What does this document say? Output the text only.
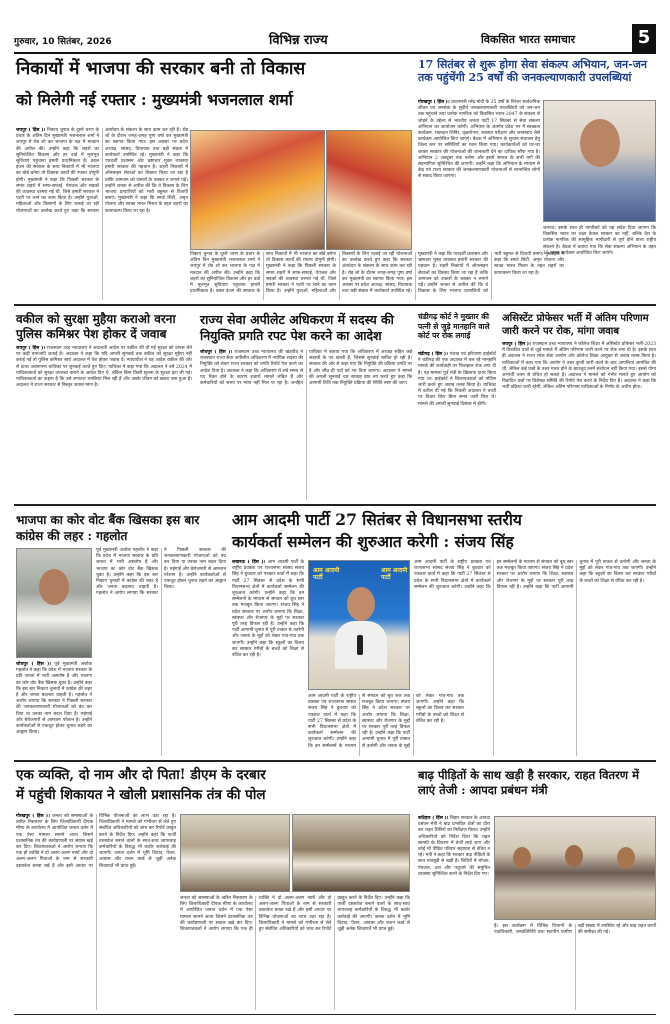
गुरुवार, 10 सितंबर, 2026	विभिन्न राज्य	विकसित भारत समाचार	5
निकायों में भाजपा की सरकार बनी तो विकास
को मिलेगी नई रफ्तार : मुख्यमंत्री भजनलाल शर्मा
जयपुर ( हिंस )। निकाय चुनाव के दूसरे चरण के प्रचार के अंतिम दिन मुख्यमंत्री भजनलाल शर्मा ने जयपुर में रोड शो कर भाजपा के पक्ष में मतदान की अपील की। उन्होंने कहा कि शहरों का सुनियोजित विकास और हर वार्ड में मूलभूत सुविधाएं पहुंचाना हमारी प्राथमिकता है। डबल इंजन की सरकार के साथ निकायों में भी भाजपा का बोर्ड बनेगा तो विकास कार्यों की रफ्तार दोगुनी होगी। मुख्यमंत्री ने कहा कि पिछली सरकार के समय शहरों में साफ-सफाई, पेयजल और सड़कों की व्यवस्था चरमरा गई थी, जिसे हमारी सरकार ने पटरी पर लाने का काम किया है। उन्होंने युवाओं, महिलाओं और किसानों के लिए चलाई जा रही योजनाओं का उल्लेख करते हुए कहा कि सरकार अंत्योदय के संकल्प के साथ काम कर रही है। रोड शो के दौरान जगह-जगह पुष्प वर्षा कर मुख्यमंत्री का स्वागत किया गया। इस अवसर पर प्रदेश अध्यक्ष, सांसद, विधायक तथा बड़ी संख्या में कार्यकर्ता उपस्थित रहे। मुख्यमंत्री ने कहा कि पारदर्शी प्रशासन और भ्रष्टाचार मुक्त व्यवस्था हमारी सरकार की पहचान है। शहरी निकायों में ऑनलाइन सेवाओं का विस्तार किया जा रहा है ताकि आमजन को दफ्तरों के चक्कर न लगाने पड़ें। उन्होंने जनता से अपील की कि वे विकास के लिए भाजपा प्रत्याशियों को भारी बहुमत से विजयी बनाएं। मुख्यमंत्री ने कहा कि स्मार्ट सिटी, अमृत योजना और स्वच्छ भारत मिशन के तहत शहरों का कायाकल्प किया जा रहा है।
निकाय चुनाव के दूसरे चरण के प्रचार के अंतिम दिन मुख्यमंत्री भजनलाल शर्मा ने जयपुर में रोड शो कर भाजपा के पक्ष में मतदान की अपील की। उन्होंने कहा कि शहरों का सुनियोजित विकास और हर वार्ड में मूलभूत सुविधाएं पहुंचाना हमारी प्राथमिकता है। डबल इंजन की सरकार के साथ निकायों में भी भाजपा का बोर्ड बनेगा तो विकास कार्यों की रफ्तार दोगुनी होगी। मुख्यमंत्री ने कहा कि पिछली सरकार के समय शहरों में साफ-सफाई, पेयजल और सड़कों की व्यवस्था चरमरा गई थी, जिसे हमारी सरकार ने पटरी पर लाने का काम किया है। उन्होंने युवाओं, महिलाओं और किसानों के लिए चलाई जा रही योजनाओं का उल्लेख करते हुए कहा कि सरकार अंत्योदय के संकल्प के साथ काम कर रही है। रोड शो के दौरान जगह-जगह पुष्प वर्षा कर मुख्यमंत्री का स्वागत किया गया। इस अवसर पर प्रदेश अध्यक्ष, सांसद, विधायक तथा बड़ी संख्या में कार्यकर्ता उपस्थित रहे। मुख्यमंत्री ने कहा कि पारदर्शी प्रशासन और भ्रष्टाचार मुक्त व्यवस्था हमारी सरकार की पहचान है। शहरी निकायों में ऑनलाइन सेवाओं का विस्तार किया जा रहा है ताकि आमजन को दफ्तरों के चक्कर न लगाने पड़ें। उन्होंने जनता से अपील की कि वे विकास के लिए भाजपा प्रत्याशियों को भारी बहुमत से विजयी बनाएं। मुख्यमंत्री ने कहा कि स्मार्ट सिटी, अमृत योजना और स्वच्छ भारत मिशन के तहत शहरों का कायाकल्प किया जा रहा है।
17 सितंबर से शुरू होगा सेवा संकल्प अभियान, जन-जन तक पहुंचेंगी 25 वर्षों की जनकल्याणकारी उपलब्धियां
गोरखपुर ( हिंस )। प्रधानमंत्री नरेंद्र मोदी के 25 वर्षों के निरंतर सार्वजनिक जीवन एवं जनसेवा के सुदीर्घ जनकल्याणकारी उपलब्धियों को जन-जन तक पहुंचाने तथा प्रत्येक नागरिक को विकसित भारत-2047 के संकल्प से जोड़ने के उद्देश्य से भारतीय जनता पार्टी 17 सितंबर से सेवा संकल्प अभियान का आयोजन करेगी। अभियान के अंतर्गत प्रदेश भर में स्वच्छता कार्यक्रम, रक्तदान शिविर, वृक्षारोपण, स्वास्थ्य परीक्षण और जनसंवाद जैसे कार्यक्रम आयोजित किए जाएंगे। बैठक में अभियान के सुचारु संचालन हेतु जिला स्तर पर समितियों का गठन किया गया। कार्यकर्ताओं को घर-घर जाकर सरकार की योजनाओं की जानकारी देने का दायित्व सौंपा गया है। अभियान 2 अक्टूबर तक चलेगा और इसमें समाज के सभी वर्गों की सहभागिता सुनिश्चित की जाएगी। उन्होंने कहा कि अभियान के माध्यम से केंद्र एवं राज्य सरकार की जनकल्याणकारी योजनाओं से लाभान्वित लोगों से संवाद किया जाएगा।
जनपद। इसके साथ ही नागरिकों को यह संदेश दिया जाएगा कि विकसित भारत का लक्ष्य केवल सरकार का नहीं, बल्कि देश के प्रत्येक नागरिक की सामूहिक भागीदारी से पूर्ण होने वाला राष्ट्रीय संकल्प है। बैठक में बताया गया कि सेवा संकल्प अभियान के तहत 15 प्रमुख कार्यक्रम आयोजित किए जाएंगे।
वकील को सुरक्षा मुहैया कराओ वरना पुलिस कमिश्नर पेश होकर दें जवाब
जयपुर ( हिंस )। राजस्थान उच्च न्यायालय ने अदालती आदेश पर वकील की दी गई सुरक्षा को वापस लेने पर कड़ी नाराजगी जताई है। अदालत ने कहा कि यदि अगली सुनवाई तक वकील को सुरक्षा मुहैया नहीं कराई गई तो पुलिस कमिश्नर स्वयं अदालत में पेश होकर जवाब दें। न्यायाधीश ने यह आदेश वकील की ओर से दायर अवमानना याचिका पर सुनवाई करते हुए दिए। याचिका में कहा गया कि अदालत ने वर्ष 2024 में याचिकाकर्ता को सुरक्षा उपलब्ध कराने के आदेश दिए थे, लेकिन बिना किसी सूचना के सुरक्षा हटा ली गई। याचिकाकर्ता का कहना है कि उसे लगातार धमकियां मिल रही हैं और उसके जीवन को खतरा बना हुआ है। अदालत ने राज्य सरकार से विस्तृत जवाब मांगा है।
राज्य सेवा अपीलेट अधिकरण में सदस्य की नियुक्ति प्रगति रपट पेश करने का आदेश
जोधपुर ( हिंस )। राजस्थान उच्च न्यायालय की खंडपीठ ने राजस्थान राज्य सेवा अपीलीय अधिकरण में न्यायिक सदस्य की नियुक्ति को लेकर राज्य सरकार को प्रगति रिपोर्ट पेश करने का आदेश दिया है। अदालत ने कहा कि अधिकरण में लंबे समय से पद रिक्त होने के कारण हजारों मामले लंबित हैं और कर्मचारियों को समय पर न्याय नहीं मिल पा रहा है। जनहित याचिका में बताया गया कि अधिकरण में अध्यक्ष सहित कई सदस्यों के पद खाली हैं, जिससे सुनवाई बाधित हो रही है। सरकार की ओर से कहा गया कि नियुक्ति की प्रक्रिया प्रगति पर है और शीघ्र ही पदों को भर दिया जाएगा। अदालत ने मामले की अगली सुनवाई चार सप्ताह बाद तय करते हुए कहा कि आगामी तिथि तक नियुक्ति प्रक्रिया की स्थिति स्पष्ट की जाए।
चंडीगढ़ कोर्ट ने मुख्तार की पत्नी से जुड़े मानहानि वाले कोर्ट पर रोक लगाई
चंडीगढ़ ( हिंस )। पंजाब एवं हरियाणा हाईकोर्ट ने चंडीगढ़ की एक अदालत में चल रहे मानहानि मामले की कार्यवाही पर फिलहाल रोक लगा दी है। यह मामला पूर्व मंत्री के खिलाफ दायर किया गया था। हाईकोर्ट ने शिकायतकर्ता को नोटिस जारी करते हुए जवाब तलब किया है। याचिका में दलील दी गई कि निचली अदालत ने तथ्यों पर विचार किए बिना समन जारी किए थे। मामले की अगली सुनवाई दिसंबर में होगी।
असिस्टेंट प्रोफेसर भर्ती में अंतिम परिणाम जारी करने पर रोक, मांगा जवाब
जयपुर ( हिंस )। राजस्थान उच्च न्यायालय ने कॉलेज शिक्षा में असिस्टेंट प्रोफेसर भर्ती-2023 में विवादित प्रश्नों से जुड़े मामले में अंतिम परिणाम जारी करने पर रोक लगा दी है। इसके साथ ही अदालत ने राज्य लोक सेवा आयोग और कॉलेज शिक्षा आयुक्त से जवाब तलब किया है। याचिकाओं में कहा गया कि आयोग ने उत्तर कुंजी जारी करने के बाद आपत्तियां आमंत्रित की थीं, लेकिन कई प्रश्नों के उत्तर गलत होने के बावजूद उनमें संशोधन नहीं किया गया। इससे योग्य अभ्यर्थी चयन से वंचित हो सकते हैं। अदालत ने मामले को गंभीर मानते हुए आयोग को विवादित प्रश्नों पर विशेषज्ञ समिति की रिपोर्ट पेश करने के निर्देश दिए हैं। अदालत ने कहा कि भर्ती प्रक्रिया जारी रहेगी, लेकिन अंतिम परिणाम याचिकाओं के निर्णय के अधीन होगा।
भाजपा का कोर वोट बैंक खिसका इस बार कांग्रेस की लहर : गहलोत
जोधपुर ( हिंस )। पूर्व मुख्यमंत्री अशोक गहलोत ने कहा कि प्रदेश में भाजपा सरकार के प्रति जनता में भारी असंतोष है और भाजपा का कोर वोट बैंक खिसक चुका है। उन्होंने कहा कि इस बार निकाय चुनावों में कांग्रेस की लहर है और जनता बदलाव चाहती है। गहलोत ने आरोप लगाया कि सरकार ने पिछली सरकार की जनकल्याणकारी योजनाओं को बंद कर दिया या उनका नाम बदल दिया है। महंगाई और बेरोजगारी से आमजन परेशान है। उन्होंने कार्यकर्ताओं से एकजुट होकर चुनाव लड़ने का आह्वान किया।
पूर्व मुख्यमंत्री अशोक गहलोत ने कहा कि प्रदेश में भाजपा सरकार के प्रति जनता में भारी असंतोष है और भाजपा का कोर वोट बैंक खिसक चुका है। उन्होंने कहा कि इस बार निकाय चुनावों में कांग्रेस की लहर है और जनता बदलाव चाहती है। गहलोत ने आरोप लगाया कि सरकार ने पिछली सरकार की जनकल्याणकारी योजनाओं को बंद कर दिया या उनका नाम बदल दिया है। महंगाई और बेरोजगारी से आमजन परेशान है। उन्होंने कार्यकर्ताओं से एकजुट होकर चुनाव लड़ने का आह्वान किया।
आम आदमी पार्टी 27 सितंबर से विधानसभा स्तरीय
कार्यकर्ता सम्मेलन की शुरुआत करेगी : संजय सिंह
लखनऊ ( हिंस )। आम आदमी पार्टी के राष्ट्रीय प्रवक्ता एवं राज्यसभा सांसद संजय सिंह ने बुधवार को पत्रकार वार्ता में कहा कि पार्टी 27 सितंबर से प्रदेश के सभी विधानसभा क्षेत्रों में कार्यकर्ता सम्मेलन की शुरुआत करेगी। उन्होंने कहा कि इन सम्मेलनों के माध्यम से संगठन को बूथ स्तर तक मजबूत किया जाएगा। संजय सिंह ने प्रदेश सरकार पर आरोप लगाया कि शिक्षा, स्वास्थ्य और रोजगार के मुद्दों पर सरकार पूरी तरह विफल रही है। उन्होंने कहा कि पार्टी आगामी चुनाव में पूरी ताकत से उतरेगी और जनता के मुद्दों को लेकर गांव-गांव तक जाएगी। उन्होंने कहा कि स्कूलों का विलय कर सरकार गरीबों के बच्चों को शिक्षा से वंचित कर रही है।
आम आदमी पार्टी
आम आदमी पार्टी
आम आदमी पार्टी के राष्ट्रीय प्रवक्ता एवं राज्यसभा सांसद संजय सिंह ने बुधवार को पत्रकार वार्ता में कहा कि पार्टी 27 सितंबर से प्रदेश के सभी विधानसभा क्षेत्रों में कार्यकर्ता सम्मेलन की शुरुआत करेगी। उन्होंने कहा कि इन सम्मेलनों के माध्यम से संगठन को बूथ स्तर तक मजबूत किया जाएगा। संजय सिंह ने प्रदेश सरकार पर आरोप लगाया कि शिक्षा, स्वास्थ्य और रोजगार के मुद्दों पर सरकार पूरी तरह विफल रही है। उन्होंने कहा कि पार्टी आगामी चुनाव में पूरी ताकत से उतरेगी और जनता के मुद्दों को लेकर गांव-गांव तक जाएगी। उन्होंने कहा कि स्कूलों का विलय कर सरकार गरीबों के बच्चों को शिक्षा से वंचित कर रही है।
आम आदमी पार्टी के राष्ट्रीय प्रवक्ता एवं राज्यसभा सांसद संजय सिंह ने बुधवार को पत्रकार वार्ता में कहा कि पार्टी 27 सितंबर से प्रदेश के सभी विधानसभा क्षेत्रों में कार्यकर्ता सम्मेलन की शुरुआत करेगी। उन्होंने कहा कि इन सम्मेलनों के माध्यम से संगठन को बूथ स्तर तक मजबूत किया जाएगा। संजय सिंह ने प्रदेश सरकार पर आरोप लगाया कि शिक्षा, स्वास्थ्य और रोजगार के मुद्दों पर सरकार पूरी तरह विफल रही है। उन्होंने कहा कि पार्टी आगामी चुनाव में पूरी ताकत से उतरेगी और जनता के मुद्दों को लेकर गांव-गांव तक जाएगी। उन्होंने कहा कि स्कूलों का विलय कर सरकार गरीबों के बच्चों को शिक्षा से वंचित कर रही है।
एक व्यक्ति, दो नाम और दो पिता! डीएम के दरबार
में पहुंची शिकायत ने खोली प्रशासनिक तंत्र की पोल
गोरखपुर ( हिंस )। जनता को समस्याओं के त्वरित निस्तारण के लिए जिलाधिकारी दीपक मीणा के कार्यालय में आयोजित जनता दर्शन में एक ऐसा मामला सामने आया जिसने प्रशासनिक तंत्र की कार्यप्रणाली पर सवाल खड़े कर दिए। शिकायतकर्ता ने आरोप लगाया कि एक ही व्यक्ति ने दो अलग-अलग नामों और दो अलग-अलग पिताओं के नाम से सरकारी दस्तावेज बनवा रखे हैं और इसी आधार पर विभिन्न योजनाओं का लाभ उठा रहा है। जिलाधिकारी ने मामले को गंभीरता से लेते हुए संबंधित अधिकारियों को जांच कर रिपोर्ट प्रस्तुत करने के निर्देश दिए। उन्होंने कहा कि फर्जी दस्तावेज बनाने वालों के साथ-साथ लापरवाह कर्मचारियों के विरुद्ध भी कठोर कार्रवाई की जाएगी। जनता दर्शन में भूमि विवाद, पेंशन, आवास और राशन कार्ड से जुड़ी अनेक शिकायतें भी प्राप्त हुईं।
जनता को समस्याओं के त्वरित निस्तारण के लिए जिलाधिकारी दीपक मीणा के कार्यालय में आयोजित जनता दर्शन में एक ऐसा मामला सामने आया जिसने प्रशासनिक तंत्र की कार्यप्रणाली पर सवाल खड़े कर दिए। शिकायतकर्ता ने आरोप लगाया कि एक ही व्यक्ति ने दो अलग-अलग नामों और दो अलग-अलग पिताओं के नाम से सरकारी दस्तावेज बनवा रखे हैं और इसी आधार पर विभिन्न योजनाओं का लाभ उठा रहा है। जिलाधिकारी ने मामले को गंभीरता से लेते हुए संबंधित अधिकारियों को जांच कर रिपोर्ट प्रस्तुत करने के निर्देश दिए। उन्होंने कहा कि फर्जी दस्तावेज बनाने वालों के साथ-साथ लापरवाह कर्मचारियों के विरुद्ध भी कठोर कार्रवाई की जाएगी। जनता दर्शन में भूमि विवाद, पेंशन, आवास और राशन कार्ड से जुड़ी अनेक शिकायतें भी प्राप्त हुईं।
बाढ़ पीड़ितों के साथ खड़ी है सरकार, राहत वितरण में लाएं तेजी : आपदा प्रबंधन मंत्री
कटिहार ( हिंस )। बिहार सरकार के आपदा प्रबंधन मंत्री ने बाढ़ प्रभावित क्षेत्रों का दौरा कर राहत शिविरों का निरीक्षण किया। उन्होंने अधिकारियों को निर्देश दिया कि राहत सामग्री के वितरण में तेजी लाई जाए और कोई भी पीड़ित परिवार सहायता से वंचित न रहे। मंत्री ने कहा कि सरकार बाढ़ पीड़ितों के साथ मजबूती से खड़ी है। शिविरों में भोजन, पेयजल, दवा और पशुचारे की समुचित व्यवस्था सुनिश्चित करने के निर्देश दिए गए।
हैं। इस कार्यक्रम में विभिन्न विभागों के पदाधिकारी, जनप्रतिनिधि तथा स्थानीय ग्रामीण बड़ी संख्या में उपस्थित रहे और बाढ़ राहत कार्यों की समीक्षा की गई।
